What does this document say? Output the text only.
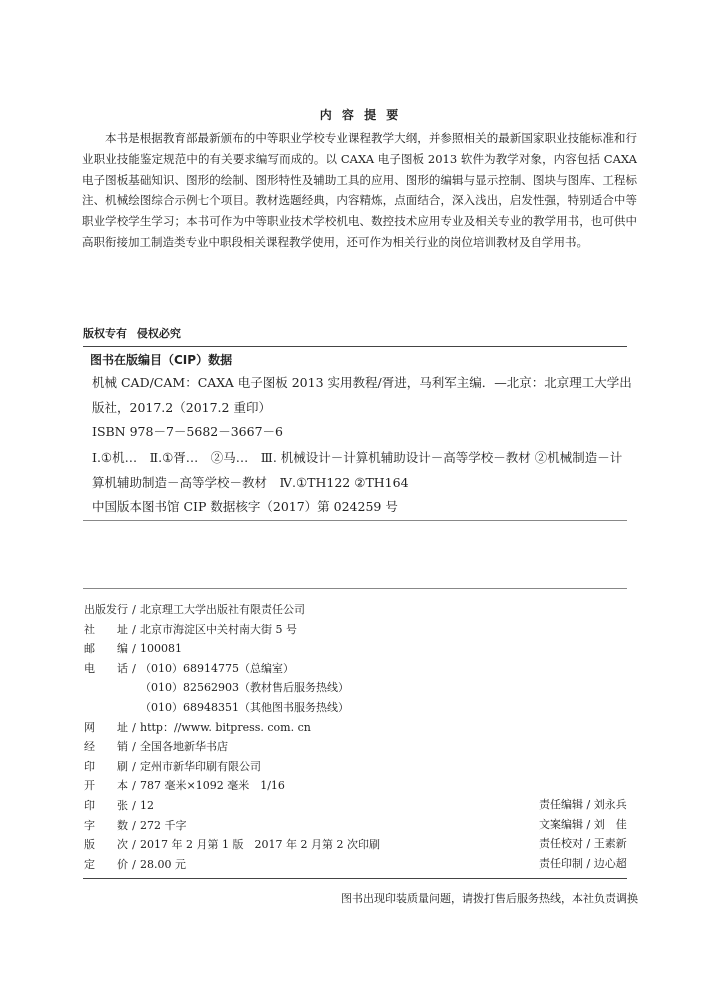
内 容 提 要
本书是根据教育部最新颁布的中等职业学校专业课程教学大纲，并参照相关的最新国家职业技能标准和行业职业技能鉴定规范中的有关要求编写而成的。以 CAXA 电子图板 2013 软件为教学对象，内容包括 CAXA 电子图板基础知识、图形的绘制、图形特性及辅助工具的应用、图形的编辑与显示控制、图块与图库、工程标注、机械绘图综合示例七个项目。教材选题经典，内容精炼，点面结合，深入浅出，启发性强，特别适合中等职业学校学生学习；本书可作为中等职业技术学校机电、数控技术应用专业及相关专业的教学用书，也可供中高职衔接加工制造类专业中职段相关课程教学使用，还可作为相关行业的岗位培训教材及自学用书。
版权专有 侵权必究
图书在版编目（CIP）数据
机械 CAD/CAM：CAXA 电子图板 2013 实用教程/胥进，马利军主编．—北京：北京理工大学出版社，2017.2（2017.2 重印）
ISBN 978－7－5682－3667－6
Ⅰ.①机…　Ⅱ.①胥…　②马…　Ⅲ. 机械设计－计算机辅助设计－高等学校－教材 ②机械制造－计算机辅助制造－高等学校－教材　Ⅳ.①TH122 ②TH164
中国版本图书馆 CIP 数据核字（2017）第 024259 号
出版发行 / 北京理工大学出版社有限责任公司
社址 / 北京市海淀区中关村南大街 5 号
邮编 / 100081
电话 / （010）68914775（总编室）
（010）82562903（教材售后服务热线）
（010）68948351（其他图书服务热线）
网址 / http：//www. bitpress. com. cn
经销 / 全国各地新华书店
印刷 / 定州市新华印刷有限公司
开本 / 787 毫米×1092 毫米　1/16
印张 / 12
字数 / 272 千字
版次 / 2017 年 2 月第 1 版　2017 年 2 月第 2 次印刷
定价 / 28.00 元
责任编辑 / 刘永兵
文案编辑 / 刘　佳
责任校对 / 王素新
责任印制 / 边心超
图书出现印装质量问题，请拨打售后服务热线，本社负责调换
